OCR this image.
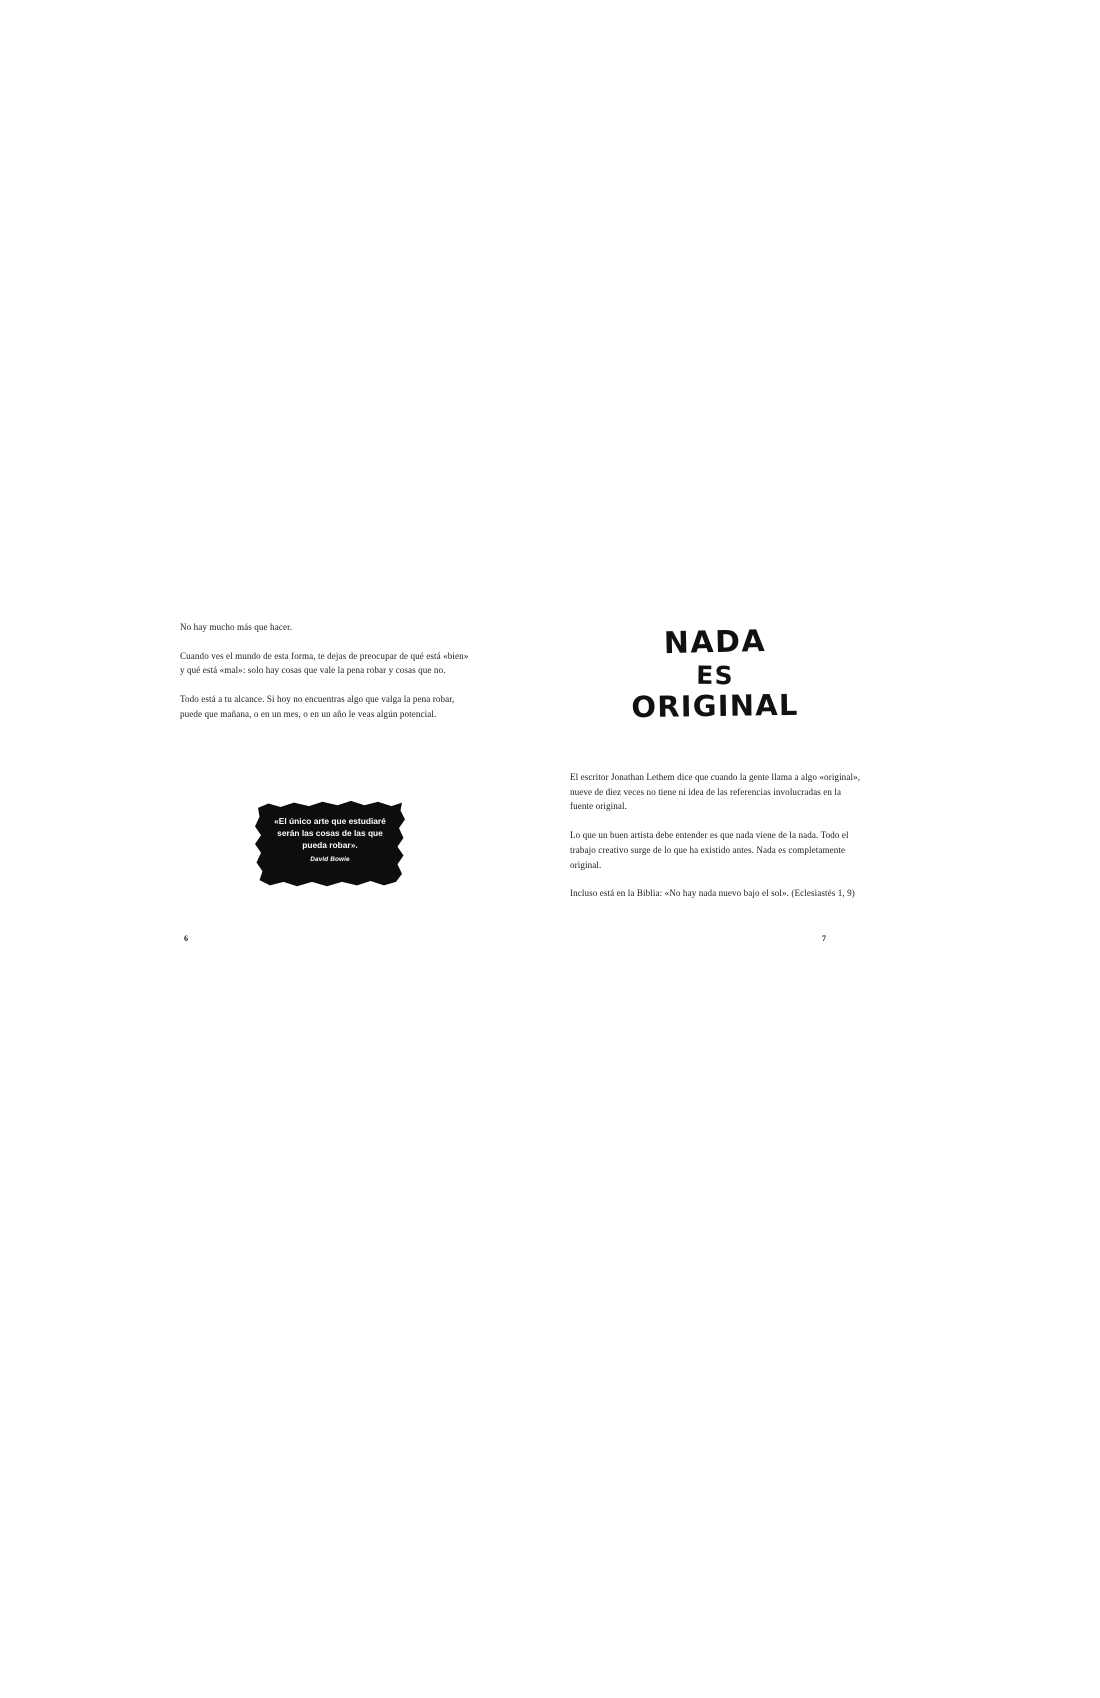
No hay mucho más que hacer.

Cuando ves el mundo de esta forma, te dejas de preocupar de qué está «bien» y qué está «mal»: solo hay cosas que vale la pena robar y cosas que no.

Todo está a tu alcance. Si hoy no encuentras algo que valga la pena robar, puede que mañana, o en un mes, o en un año le veas algún potencial.

«El único arte que estudiaré serán las cosas de las que pueda robar».
David Bowie
6
NADA
ES
ORIGINAL

El escritor Jonathan Lethem dice que cuando la gente llama a algo «original», nueve de diez veces no tiene ni idea de las referencias involucradas en la fuente original.

Lo que un buen artista debe entender es que nada viene de la nada. Todo el trabajo creativo surge de lo que ha existido antes. Nada es completamente original.

Incluso está en la Biblia: «No hay nada nuevo bajo el sol». (Eclesiastés 1, 9)

7
